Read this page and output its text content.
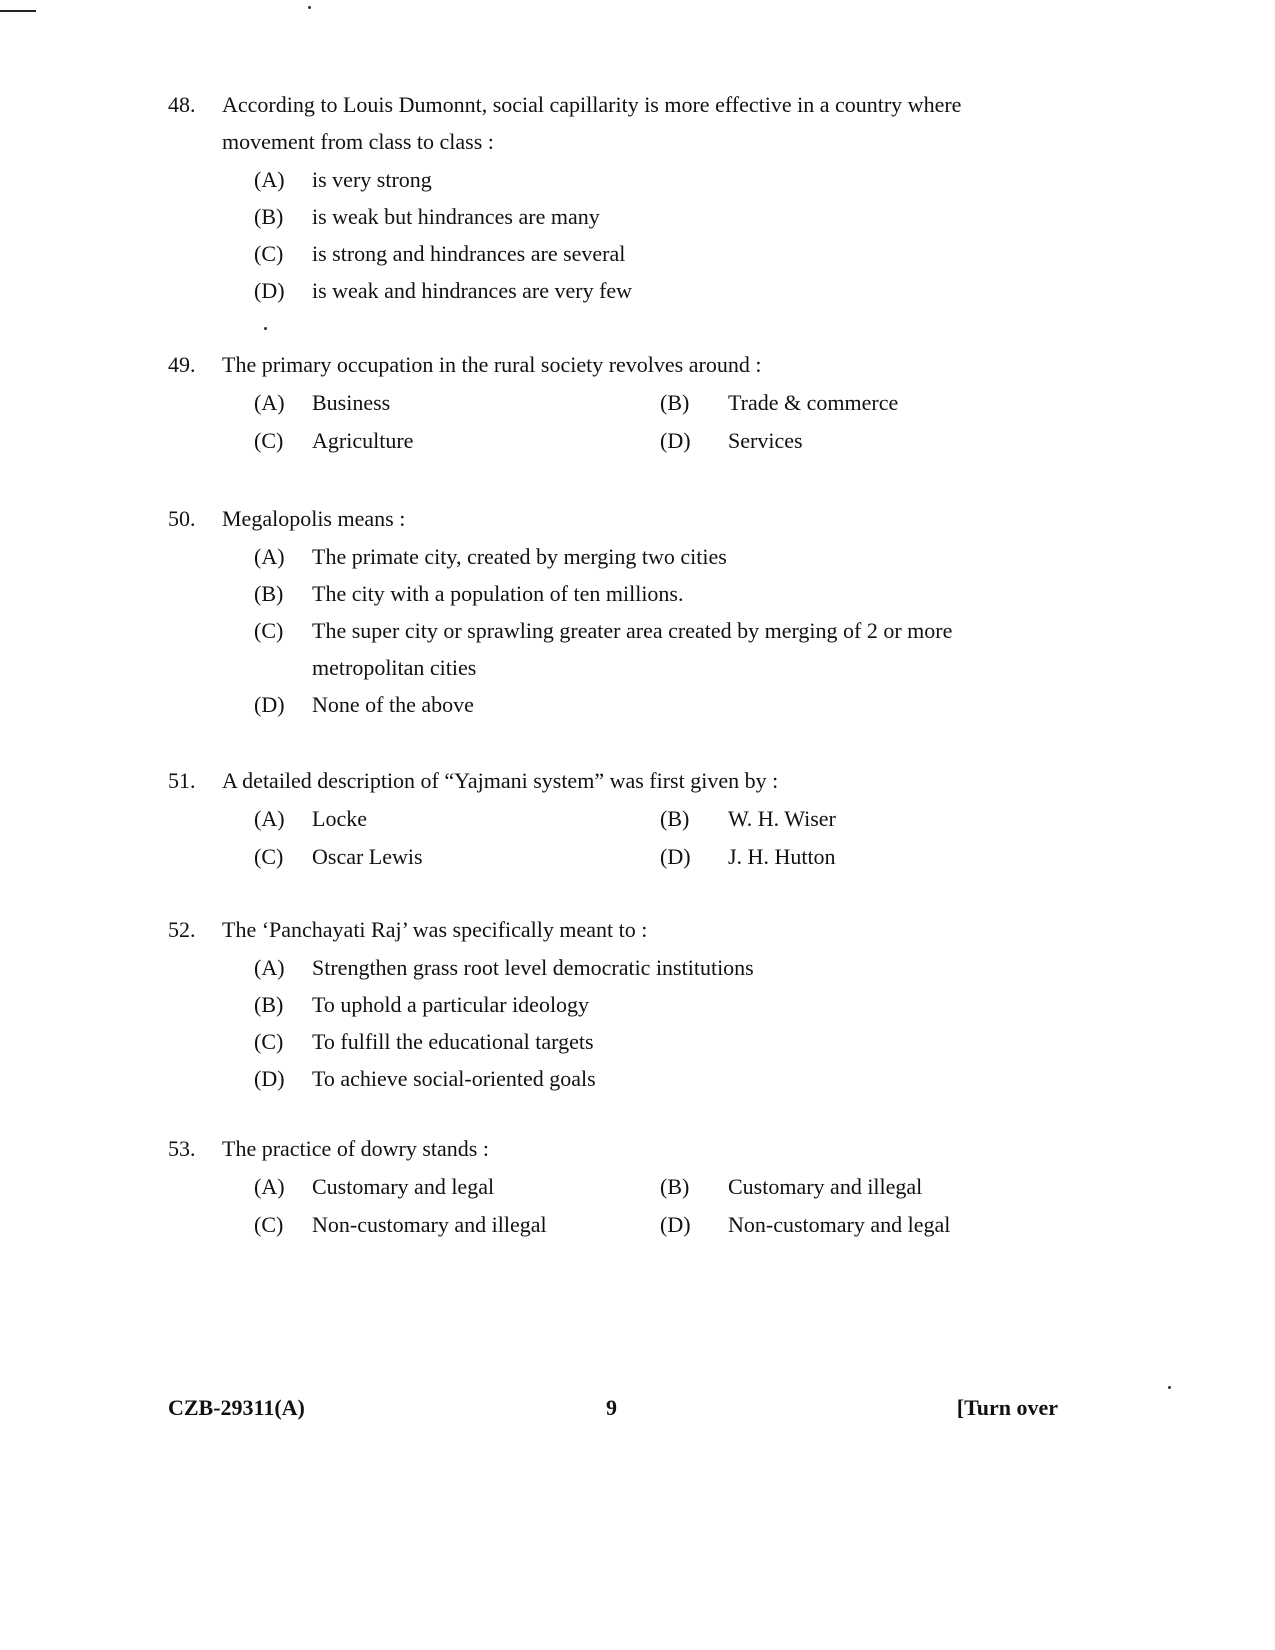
48.	According to Louis Dumonnt, social capillarity is more effective in a country where
movement from class to class :
(A) is very strong
(B) is weak but hindrances are many
(C) is strong and hindrances are several
(D) is weak and hindrances are very few
49.	The primary occupation in the rural society revolves around :
(A) Business	(B) Trade & commerce
(C) Agriculture	(D) Services
50.	Megalopolis means :
(A) The primate city, created by merging two cities
(B) The city with a population of ten millions.
(C) The super city or sprawling greater area created by merging of 2 or more
metropolitan cities
(D) None of the above
51.	A detailed description of “Yajmani system” was first given by :
(A) Locke	(B) W. H. Wiser
(C) Oscar Lewis	(D) J. H. Hutton
52.	The ‘Panchayati Raj’ was specifically meant to :
(A) Strengthen grass root level democratic institutions
(B) To uphold a particular ideology
(C) To fulfill the educational targets
(D) To achieve social-oriented goals
53.	The practice of dowry stands :
(A) Customary and legal	(B) Customary and illegal
(C) Non-customary and illegal	(D) Non-customary and legal
CZB-29311(A)	9	[Turn over
